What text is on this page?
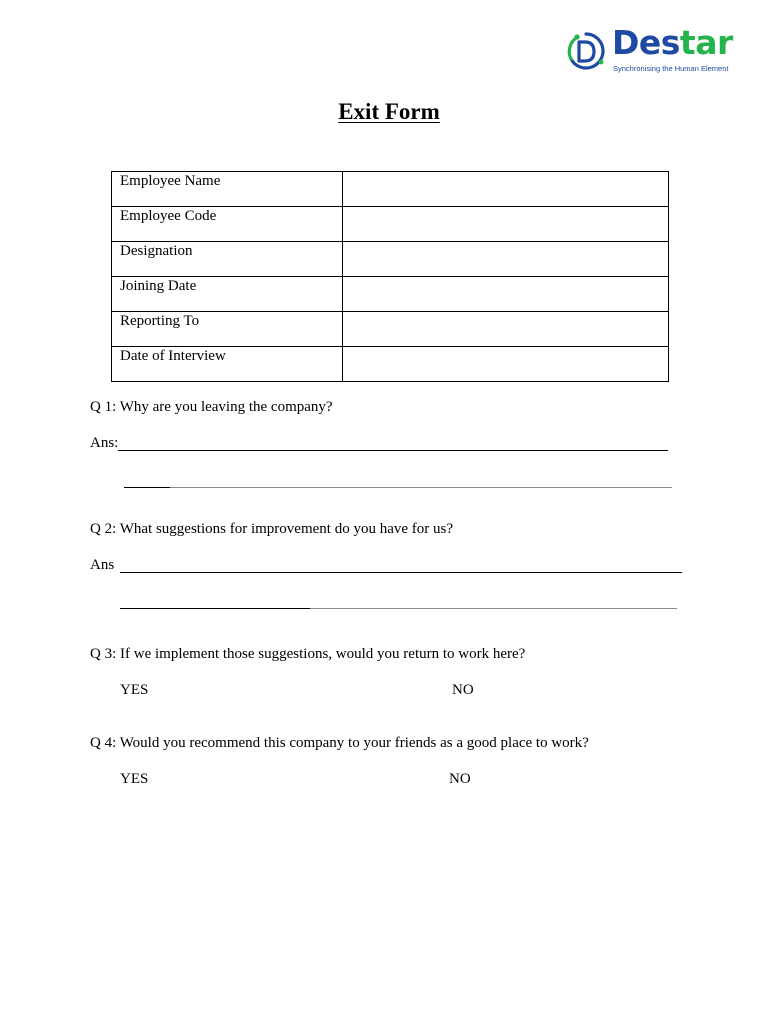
Destar
Synchronising the Human Element
Exit Form
Employee Name	
Employee Code	
Designation	
Joining Date	
Reporting To	
Date of Interview	
Q 1: Why are you leaving the company?
Ans:
Q 2: What suggestions for improvement do you have for us?
Ans
Q 3: If we implement those suggestions, would you return to work here?
YES	NO
Q 4: Would you recommend this company to your friends as a good place to work?
YES	NO
